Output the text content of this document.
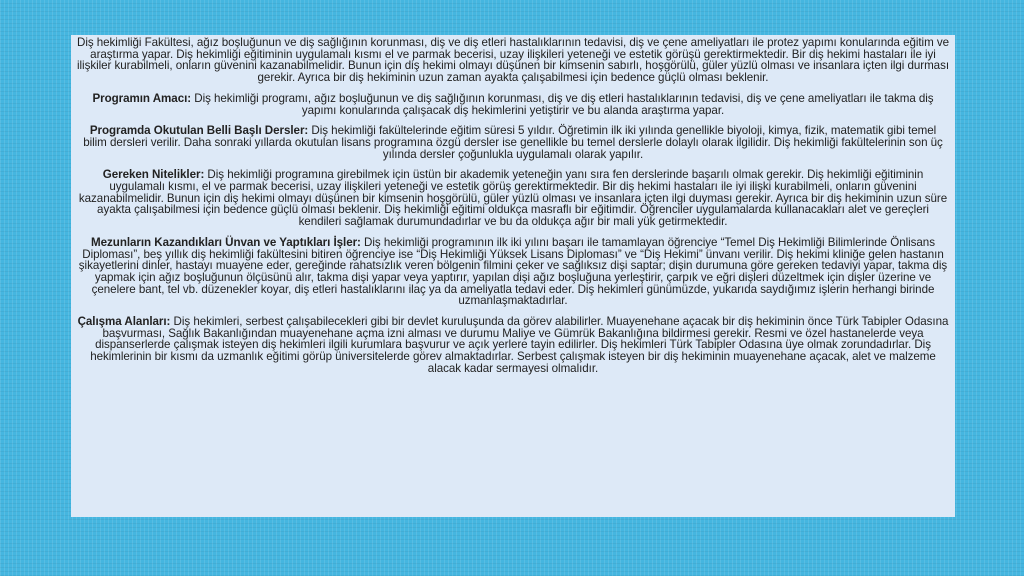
Diş hekimliği Fakültesi, ağız boşluğunun ve diş sağlığının korunması, diş ve diş etleri hastalıklarının tedavisi, diş ve çene ameliyatları ile protez yapımı konularında eğitim ve araştırma yapar. Diş hekimliği eğitiminin uygulamalı kısmı el ve parmak becerisi, uzay ilişkileri yeteneği ve estetik görüşü gerektirmektedir. Bir diş hekimi hastaları ile iyi ilişkiler kurabilmeli, onların güvenini kazanabilmelidir. Bunun için diş hekimi olmayı düşünen bir kimsenin sabırlı, hoşgörülü, güler yüzlü olması ve insanlara içten ilgi durması gerekir. Ayrıca bir diş hekiminin uzun zaman ayakta çalışabilmesi için bedence güçlü olması beklenir.

Programın Amacı: Diş hekimliği programı, ağız boşluğunun ve diş sağlığının korunması, diş ve diş etleri hastalıklarının tedavisi, diş ve çene ameliyatları ile takma diş yapımı konularında çalışacak diş hekimlerini yetiştirir ve bu alanda araştırma yapar.

Programda Okutulan Belli Başlı Dersler: Diş hekimliği fakültelerinde eğitim süresi 5 yıldır. Öğretimin ilk iki yılında genellikle biyoloji, kimya, fizik, matematik gibi temel bilim dersleri verilir. Daha sonraki yıllarda okutulan lisans programına özgü dersler ise genellikle bu temel derslerle dolaylı olarak ilgilidir. Diş hekimliği fakültelerinin son üç yılında dersler çoğunlukla uygulamalı olarak yapılır.

Gereken Nitelikler: Diş hekimliği programına girebilmek için üstün bir akademik yeteneğin yanı sıra fen derslerinde başarılı olmak gerekir. Diş hekimliği eğitiminin uygulamalı kısmı, el ve parmak becerisi, uzay ilişkileri yeteneği ve estetik görüş gerektirmektedir. Bir diş hekimi hastaları ile iyi ilişki kurabilmeli, onların güvenini kazanabilmelidir. Bunun için diş hekimi olmayı düşünen bir kimsenin hoşgörülü, güler yüzlü olması ve insanlara içten ilgi duyması gerekir. Ayrıca bir diş hekiminin uzun süre ayakta çalışabilmesi için bedence güçlü olması beklenir. Diş hekimliği eğitimi oldukça masraflı bir eğitimdir. Öğrenciler uygulamalarda kullanacakları alet ve gereçleri kendileri sağlamak durumundadırlar ve bu da oldukça ağır bir mali yük getirmektedir.

Mezunların Kazandıkları Ünvan ve Yaptıkları İşler: Diş hekimliği programının ilk iki yılını başarı ile tamamlayan öğrenciye “Temel Diş Hekimliği Bilimlerinde Önlisans Diploması”, beş yıllık diş hekimliği fakültesini bitiren öğrenciye ise “Diş Hekimliği Yüksek Lisans Diploması” ve “Diş Hekimi” ünvanı verilir. Diş hekimi kliniğe gelen hastanın şikayetlerini dinler, hastayı muayene eder, gereğinde rahatsızlık veren bölgenin filmini çeker ve sağlıksız dişi saptar; dişin durumuna göre gereken tedaviyi yapar, takma diş yapmak için ağız boşluğunun ölçüsünü alır, takma dişi yapar veya yaptırır, yapılan dişi ağız boşluğuna yerleştirir, çarpık ve eğri dişleri düzeltmek için dişler üzerine ve çenelere bant, tel vb. düzenekler koyar, diş etleri hastalıklarını ilaç ya da ameliyatla tedavi eder. Diş hekimleri günümüzde, yukarıda saydığımız işlerin herhangi birinde uzmanlaşmaktadırlar.

Çalışma Alanları: Diş hekimleri, serbest çalışabilecekleri gibi bir devlet kuruluşunda da görev alabilirler. Muayenehane açacak bir diş hekiminin önce Türk Tabipler Odasına başvurması, Sağlık Bakanlığından muayenehane açma izni alması ve durumu Maliye ve Gümrük Bakanlığına bildirmesi gerekir. Resmi ve özel hastanelerde veya dispanserlerde çalışmak isteyen diş hekimleri ilgili kurumlara başvurur ve açık yerlere tayin edilirler. Diş hekimleri Türk Tabipler Odasına üye olmak zorundadırlar. Diş hekimlerinin bir kısmı da uzmanlık eğitimi görüp üniversitelerde görev almaktadırlar. Serbest çalışmak isteyen bir diş hekiminin muayenehane açacak, alet ve malzeme alacak kadar sermayesi olmalıdır.
